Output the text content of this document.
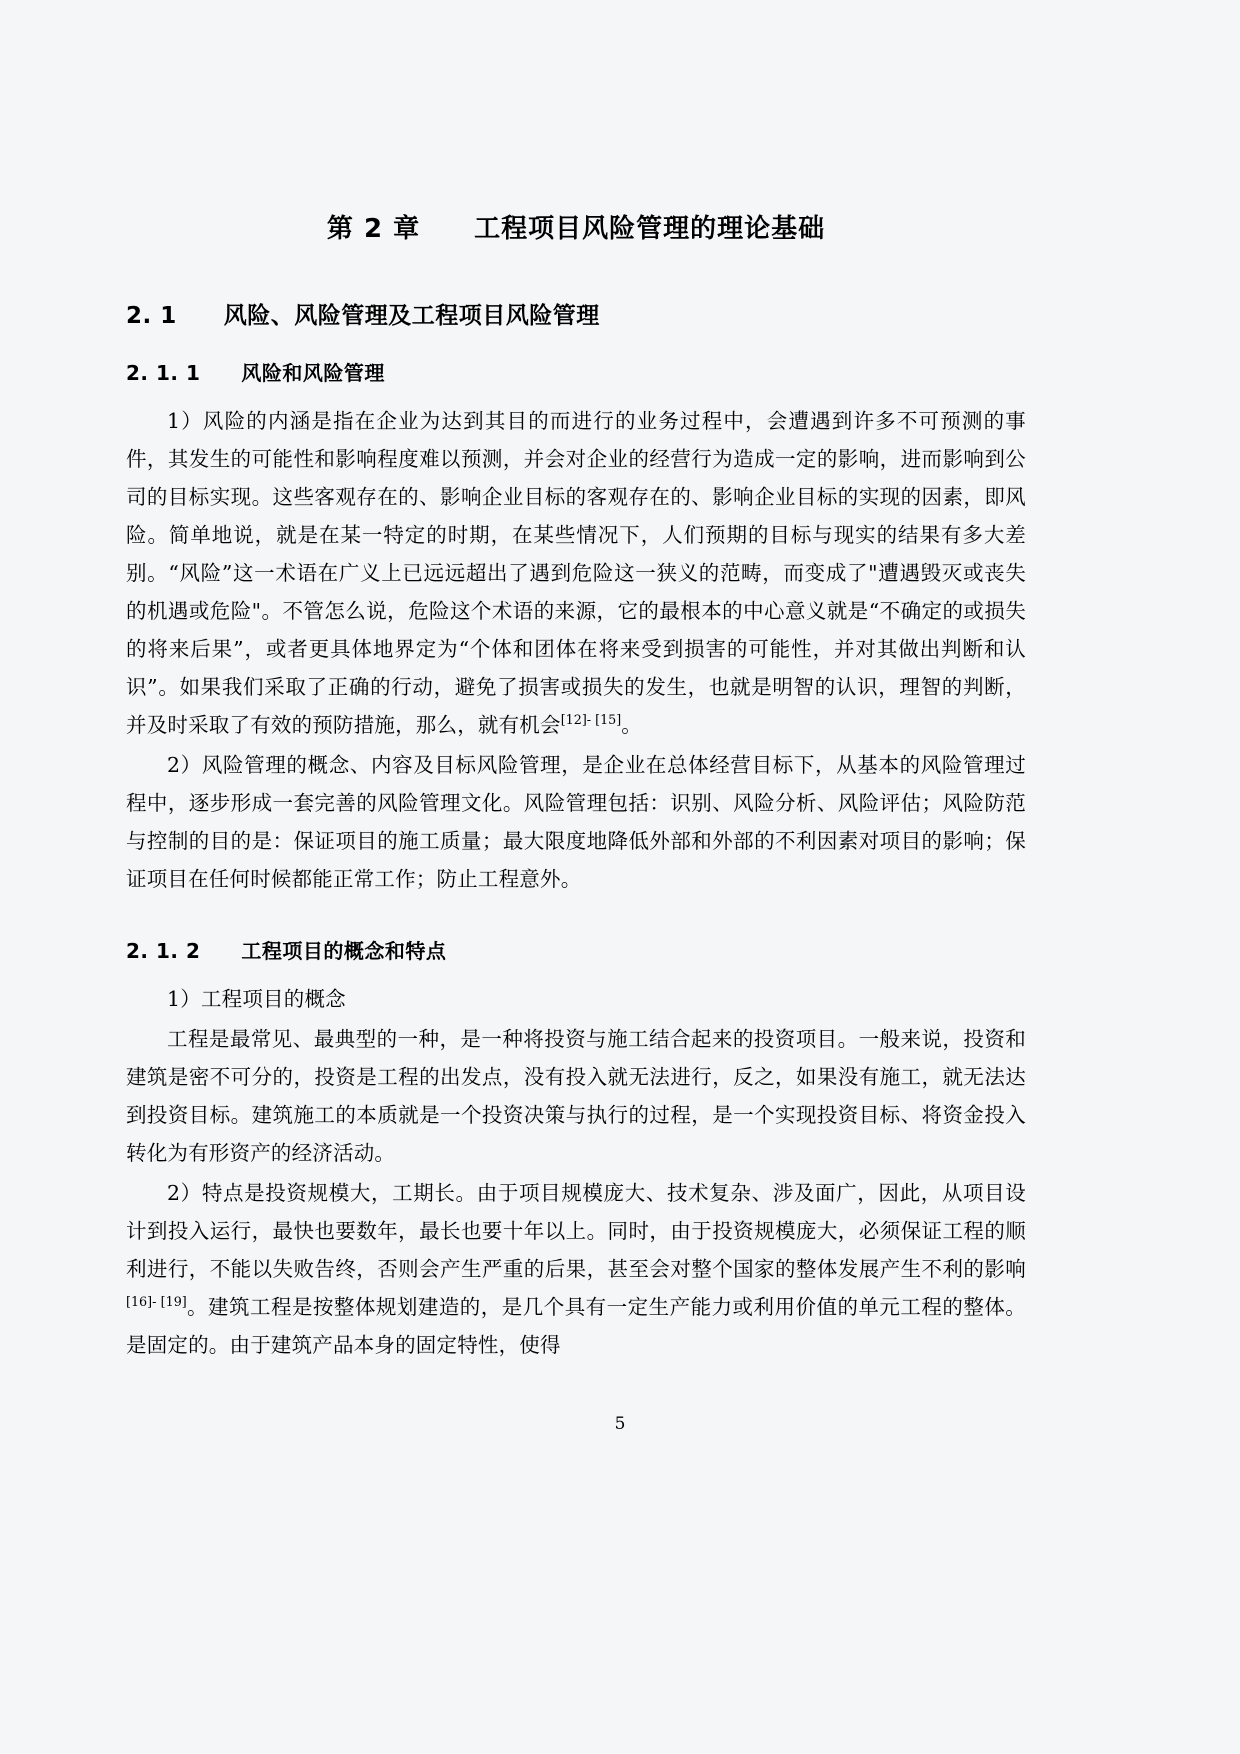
第 2 章　　工程项目风险管理的理论基础
2. 1　　风险、风险管理及工程项目风险管理
2. 1. 1　　风险和风险管理

1）风险的内涵是指在企业为达到其目的而进行的业务过程中，会遭遇到许多不可预测的事件，其发生的可能性和影响程度难以预测，并会对企业的经营行为造成一定的影响，进而影响到公司的目标实现。这些客观存在的、影响企业目标的客观存在的、影响企业目标的实现的因素，即风险。简单地说，就是在某一特定的时期，在某些情况下，人们预期的目标与现实的结果有多大差别。“风险”这一术语在广义上已远远超出了遇到危险这一狭义的范畴，而变成了"遭遇毁灭或丧失的机遇或危险"。不管怎么说，危险这个术语的来源，它的最根本的中心意义就是“不确定的或损失的将来后果”，或者更具体地界定为“个体和团体在将来受到损害的可能性，并对其做出判断和认识”。如果我们采取了正确的行动，避免了损害或损失的发生，也就是明智的认识，理智的判断，并及时采取了有效的预防措施，那么，就有机会[12]- [15]。

2）风险管理的概念、内容及目标风险管理，是企业在总体经营目标下，从基本的风险管理过程中，逐步形成一套完善的风险管理文化。风险管理包括：识别、风险分析、风险评估；风险防范与控制的目的是：保证项目的施工质量；最大限度地降低外部和外部的不利因素对项目的影响；保证项目在任何时候都能正常工作；防止工程意外。

2. 1. 2　　工程项目的概念和特点

1）工程项目的概念

工程是最常见、最典型的一种，是一种将投资与施工结合起来的投资项目。一般来说，投资和建筑是密不可分的，投资是工程的出发点，没有投入就无法进行，反之，如果没有施工，就无法达到投资目标。建筑施工的本质就是一个投资决策与执行的过程，是一个实现投资目标、将资金投入转化为有形资产的经济活动。

2）特点是投资规模大，工期长。由于项目规模庞大、技术复杂、涉及面广，因此，从项目设计到投入运行，最快也要数年，最长也要十年以上。同时，由于投资规模庞大，必须保证工程的顺利进行，不能以失败告终，否则会产生严重的后果，甚至会对整个国家的整体发展产生不利的影响[16]- [19]。建筑工程是按整体规划建造的，是几个具有一定生产能力或利用价值的单元工程的整体。是固定的。由于建筑产品本身的固定特性，使得

5
